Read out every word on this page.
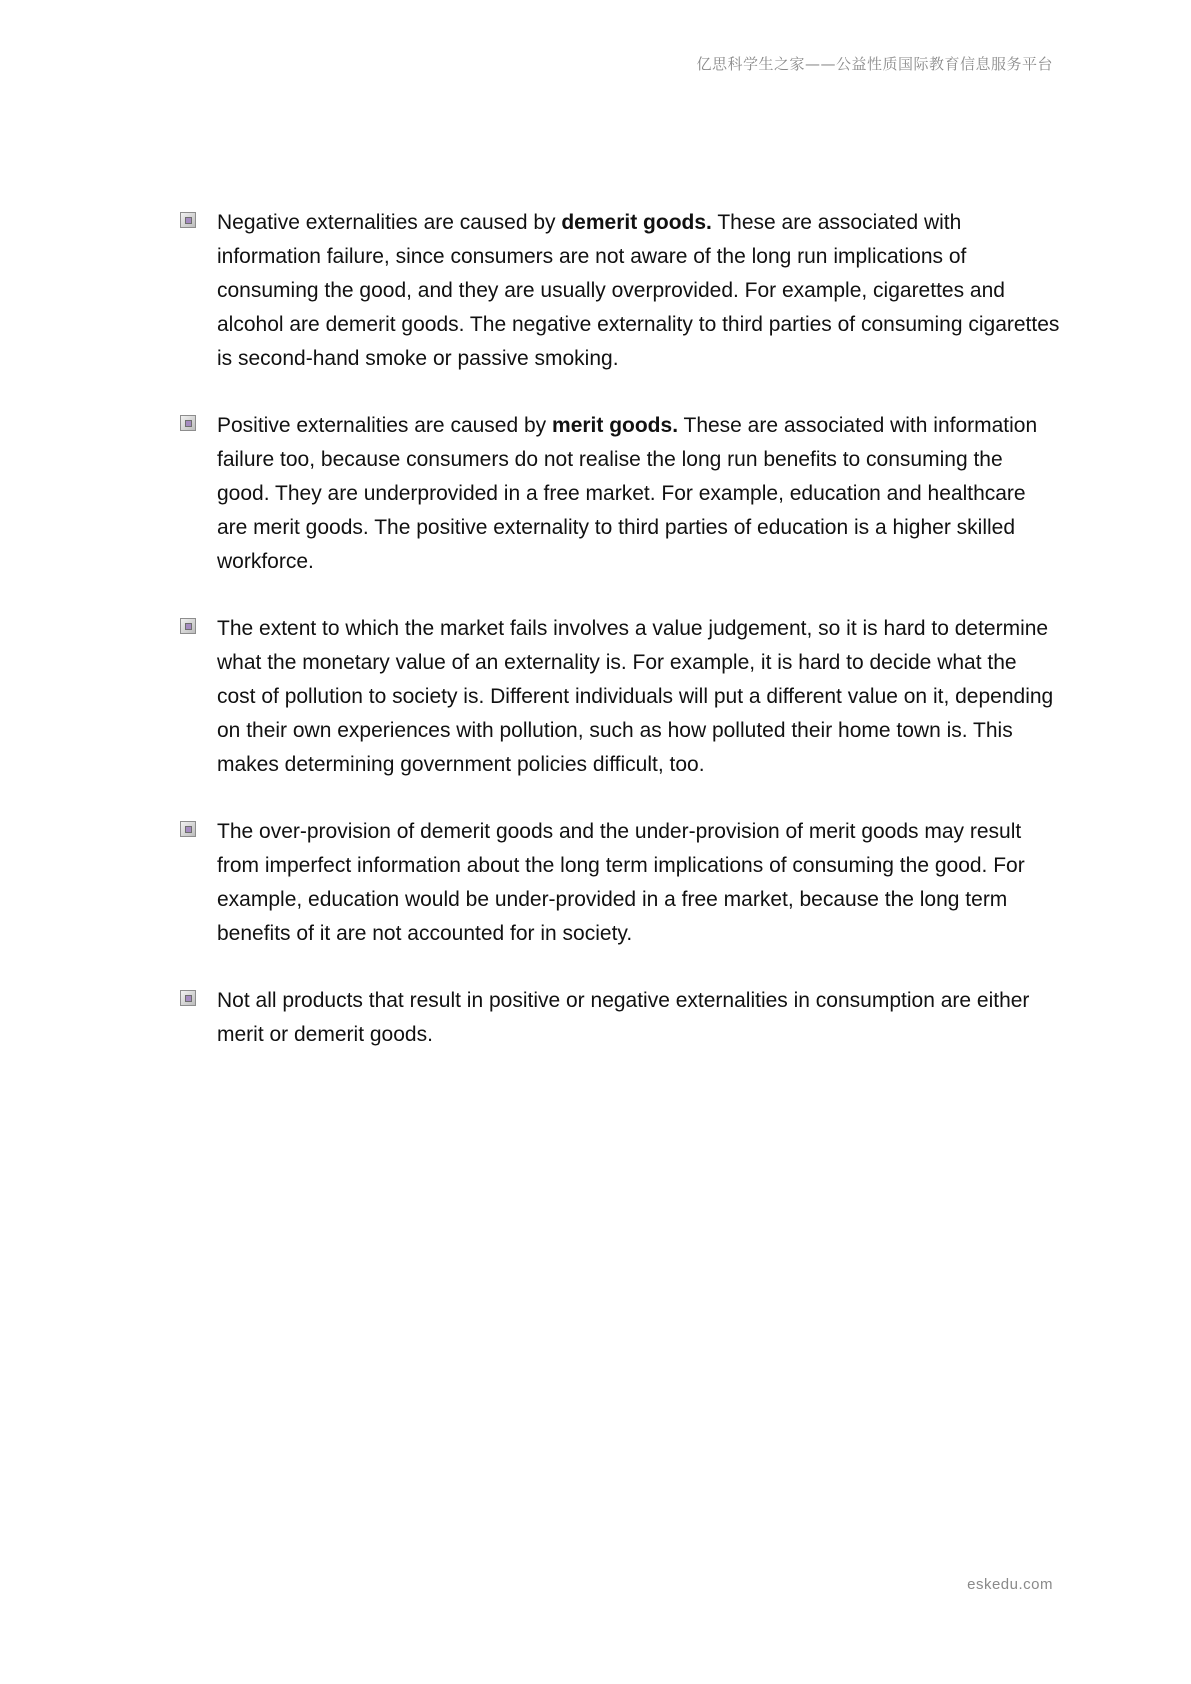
亿思科学生之家——公益性质国际教育信息服务平台
Negative externalities are caused by demerit goods. These are associated with information failure, since consumers are not aware of the long run implications of consuming the good, and they are usually overprovided. For example, cigarettes and alcohol are demerit goods. The negative externality to third parties of consuming cigarettes is second-hand smoke or passive smoking.
Positive externalities are caused by merit goods. These are associated with information failure too, because consumers do not realise the long run benefits to consuming the good. They are underprovided in a free market. For example, education and healthcare are merit goods. The positive externality to third parties of education is a higher skilled workforce.
The extent to which the market fails involves a value judgement, so it is hard to determine what the monetary value of an externality is. For example, it is hard to decide what the cost of pollution to society is. Different individuals will put a different value on it, depending on their own experiences with pollution, such as how polluted their home town is. This makes determining government policies difficult, too.
The over-provision of demerit goods and the under-provision of merit goods may result from imperfect information about the long term implications of consuming the good. For example, education would be under-provided in a free market, because the long term benefits of it are not accounted for in society.
Not all products that result in positive or negative externalities in consumption are either merit or demerit goods.
eskedu.com
